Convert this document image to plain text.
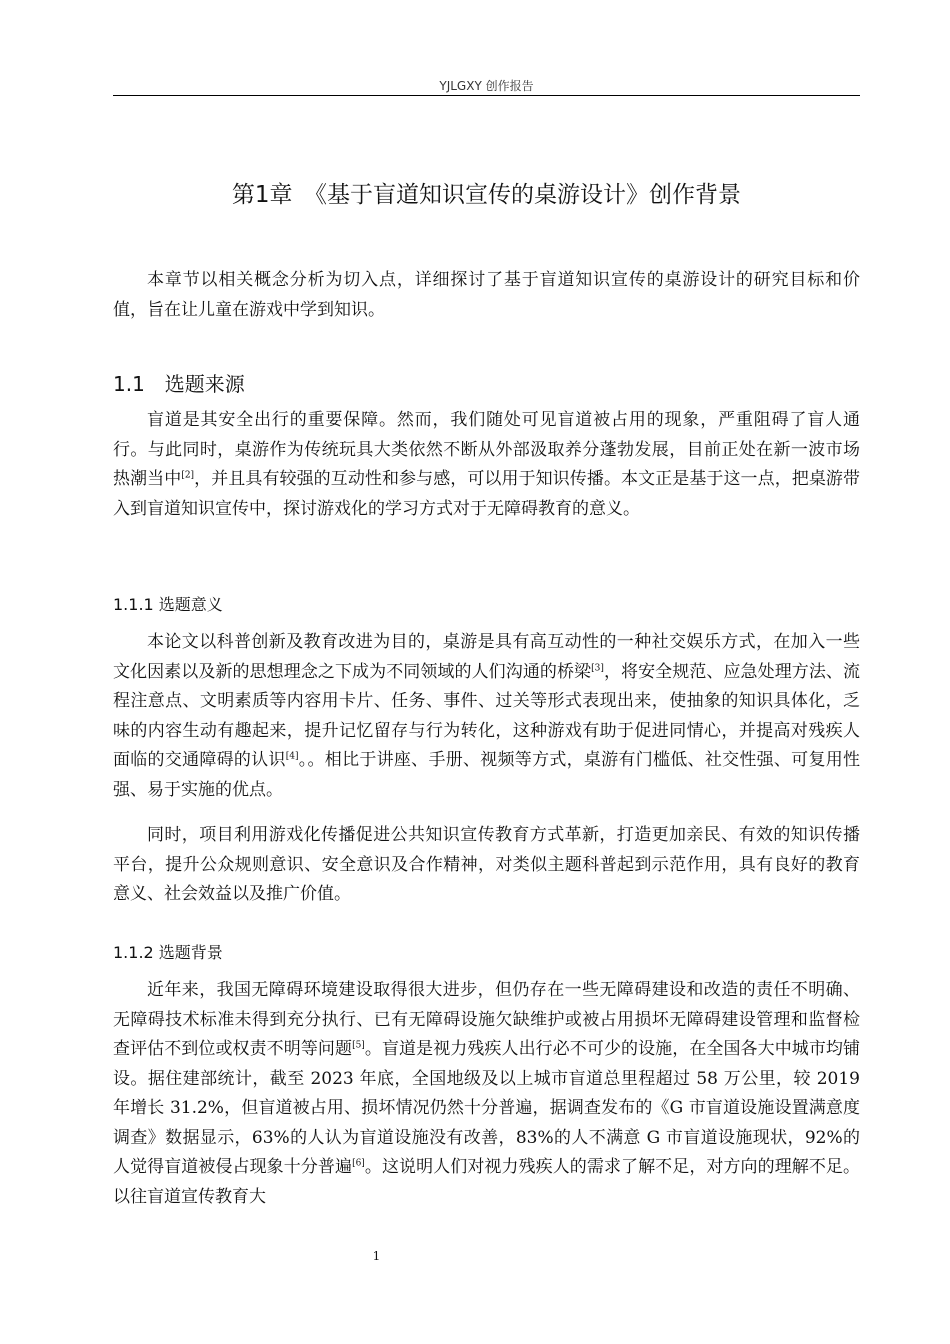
YJLGXY 创作报告
第1章　《基于盲道知识宣传的桌游设计》创作背景

本章节以相关概念分析为切入点，详细探讨了基于盲道知识宣传的桌游设计的研究目标和价值，旨在让儿童在游戏中学到知识。

1.1　选题来源

盲道是其安全出行的重要保障。然而，我们随处可见盲道被占用的现象，严重阻碍了盲人通行。与此同时，桌游作为传统玩具大类依然不断从外部汲取养分蓬勃发展，目前正处在新一波市场热潮当中[2]，并且具有较强的互动性和参与感，可以用于知识传播。本文正是基于这一点，把桌游带入到盲道知识宣传中，探讨游戏化的学习方式对于无障碍教育的意义。

1.1.1 选题意义

本论文以科普创新及教育改进为目的，桌游是具有高互动性的一种社交娱乐方式，在加入一些文化因素以及新的思想理念之下成为不同领域的人们沟通的桥梁[3]，将安全规范、应急处理方法、流程注意点、文明素质等内容用卡片、任务、事件、过关等形式表现出来，使抽象的知识具体化，乏味的内容生动有趣起来，提升记忆留存与行为转化，这种游戏有助于促进同情心，并提高对残疾人面临的交通障碍的认识[4]。。相比于讲座、手册、视频等方式，桌游有门槛低、社交性强、可复用性强、易于实施的优点。

同时，项目利用游戏化传播促进公共知识宣传教育方式革新，打造更加亲民、有效的知识传播平台，提升公众规则意识、安全意识及合作精神，对类似主题科普起到示范作用，具有良好的教育意义、社会效益以及推广价值。

1.1.2 选题背景

近年来，我国无障碍环境建设取得很大进步，但仍存在一些无障碍建设和改造的责任不明确、无障碍技术标准未得到充分执行、已有无障碍设施欠缺维护或被占用损坏无障碍建设管理和监督检查评估不到位或权责不明等问题[5]。盲道是视力残疾人出行必不可少的设施，在全国各大中城市均铺设。据住建部统计，截至 2023 年底，全国地级及以上城市盲道总里程超过 58 万公里，较 2019 年增长 31.2%，但盲道被占用、损坏情况仍然十分普遍，据调查发布的《G 市盲道设施设置满意度调查》数据显示，63%的人认为盲道设施没有改善，83%的人不满意 G 市盲道设施现状，92%的人觉得盲道被侵占现象十分普遍[6]。这说明人们对视力残疾人的需求了解不足，对方向的理解不足。以往盲道宣传教育大

1
